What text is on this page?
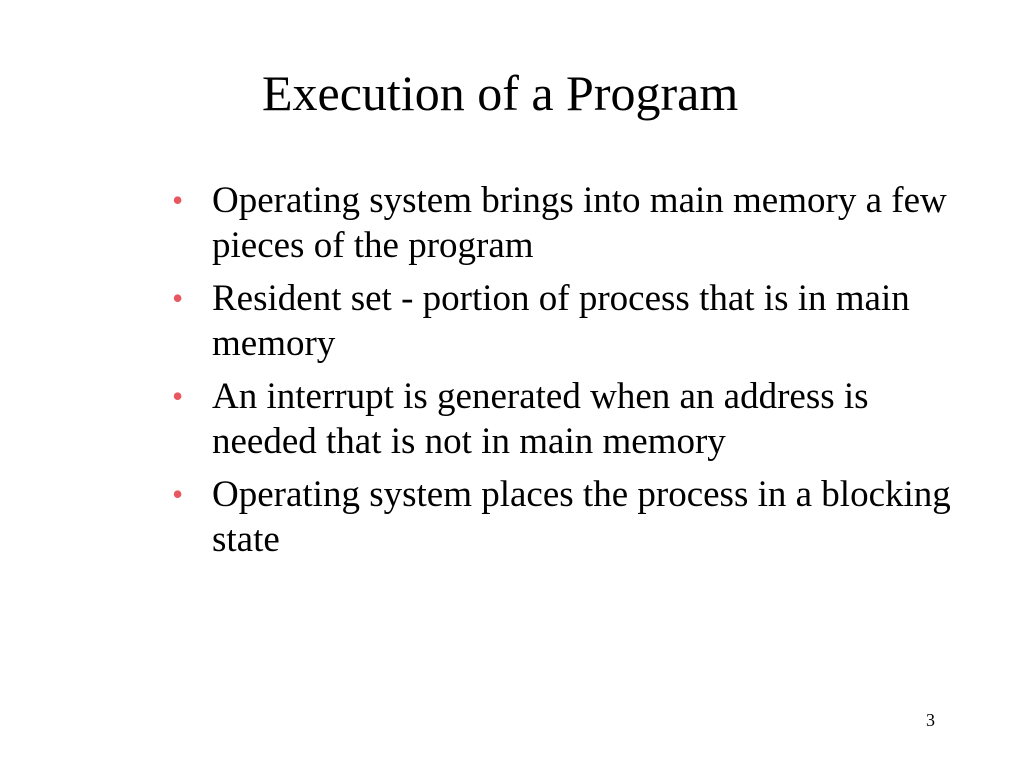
Execution of a Program
• Operating system brings into main memory a few pieces of the program
• Resident set - portion of process that is in main memory
• An interrupt is generated when an address is needed that is not in main memory
• Operating system places the process in a blocking state
3
